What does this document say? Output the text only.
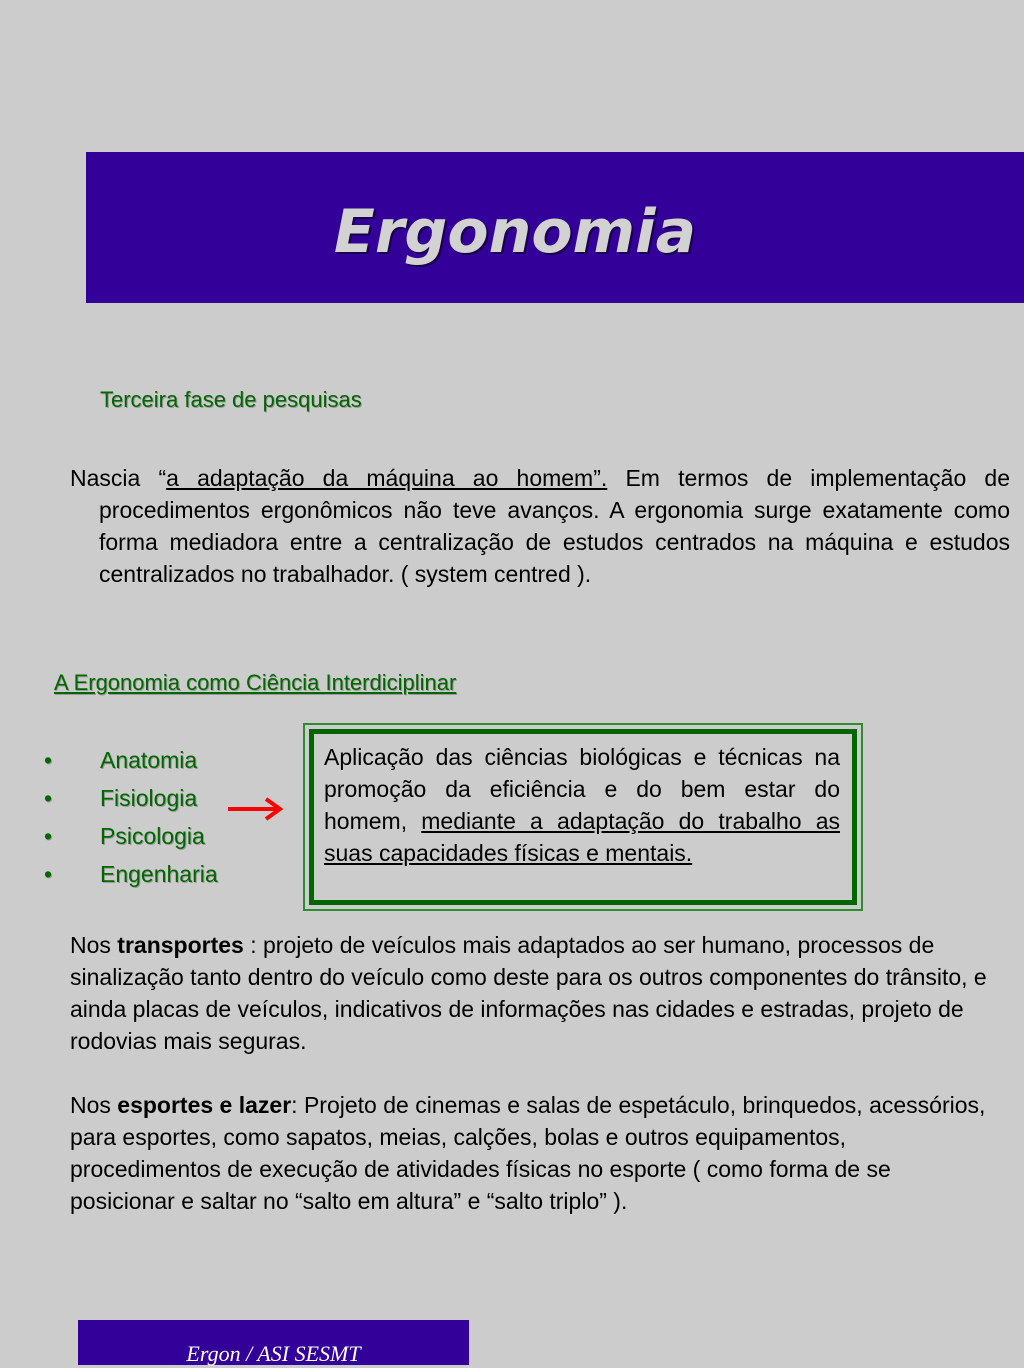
Ergonomia
Terceira fase de pesquisas
Nascia “a adaptação da máquina ao homem”. Em termos de implementação de procedimentos ergonômicos não teve avanços. A ergonomia surge exatamente como forma mediadora entre a centralização de estudos centrados na máquina e estudos centralizados no trabalhador. ( system centred ).
A Ergonomia como Ciência Interdiciplinar
• Anatomia
• Fisiologia
• Psicologia
• Engenharia
Aplicação das ciências biológicas e técnicas na promoção da eficiência e do bem estar do homem, mediante a adaptação do trabalho as suas capacidades físicas e mentais.
Nos transportes : projeto de veículos mais adaptados ao ser humano, processos de sinalização tanto dentro do veículo como deste para os outros componentes do trânsito, e ainda placas de veículos, indicativos de informações nas cidades e estradas, projeto de rodovias mais seguras.
Nos esportes e lazer: Projeto de cinemas e salas de espetáculo, brinquedos, acessórios, para esportes, como sapatos, meias, calções, bolas e outros equipamentos, procedimentos de execução de atividades físicas no esporte ( como forma de se posicionar e saltar no “salto em altura” e “salto triplo” ).
Ergon / ASI SESMT
